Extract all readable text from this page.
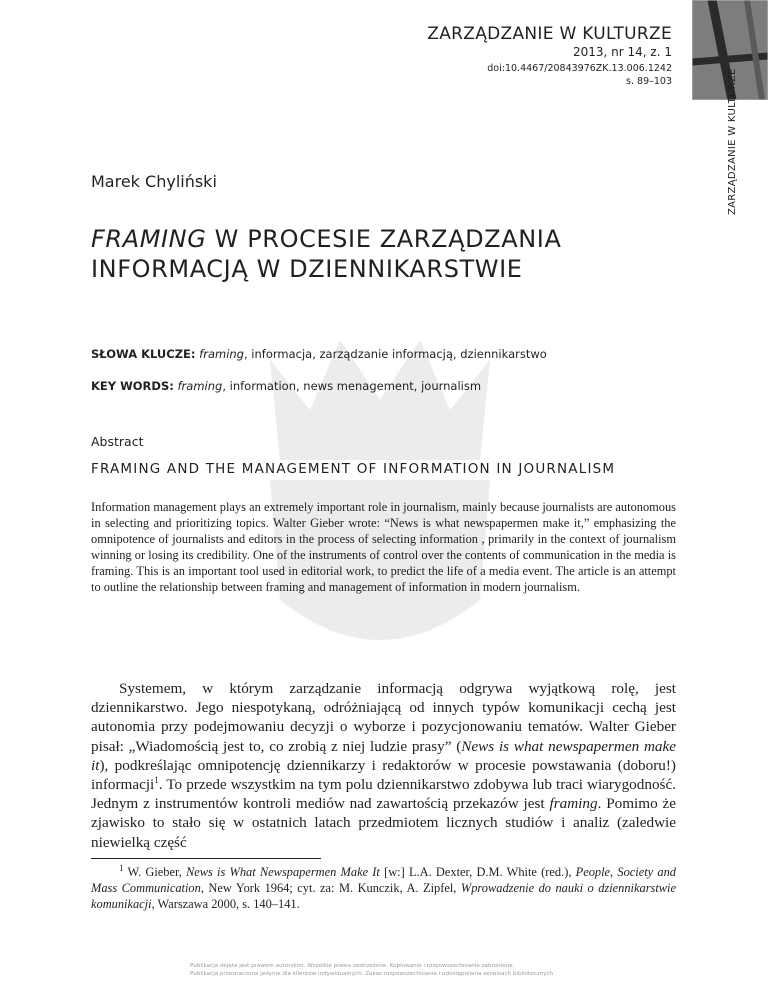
ZARZĄDZANIE W KULTURZE
ZARZĄDZANIE W KULTURZE
2013, nr 14, z. 1
doi:10.4467/20843976ZK.13.006.1242
s. 89–103
Marek Chyliński
FRAMING W PROCESIE ZARZĄDZANIA
INFORMACJĄ W DZIENNIKARSTWIE
SŁOWA KLUCZE: framing, informacja, zarządzanie informacją, dziennikarstwo
KEY WORDS: framing, information, news menagement, journalism
Abstract
FRAMING AND THE MANAGEMENT OF INFORMATION IN JOURNALISM
Information management plays an extremely important role in journalism, mainly because journalists are autonomous in selecting and prioritizing topics. Walter Gieber wrote: “News is what newspapermen make it,” emphasizing the omnipotence of journalists and editors in the process of selecting information , primarily in the context of journalism winning or losing its credibility. One of the instruments of control over the contents of communication in the media is framing. This is an important tool used in editorial work, to predict the life of a media event. The article is an attempt to outline the relationship between framing and management of information in modern journalism.
Systemem, w którym zarządzanie informacją odgrywa wyjątkową rolę, jest dziennikarstwo. Jego niespotykaną, odróżniającą od innych typów komunikacji cechą jest autonomia przy podejmowaniu decyzji o wyborze i pozycjonowaniu tematów. Walter Gieber pisał: „Wiadomością jest to, co zrobią z niej ludzie prasy” (News is what newspapermen make it), podkreślając omnipotencję dziennikarzy i redaktorów w procesie powstawania (doboru!) informacji$^1$. To przede wszystkim na tym polu dziennikarstwo zdobywa lub traci wiarygodność. Jednym z instrumentów kontroli mediów nad zawartością przekazów jest framing. Pomimo że zjawisko to stało się w ostatnich latach przedmiotem licznych studiów i analiz (zaledwie niewielką część
$^1$ W. Gieber, News is What Newspapermen Make It [w:] L.A. Dexter, D.M. White (red.), People, Society and Mass Communication, New York 1964; cyt. za: M. Kunczik, A. Zipfel, Wprowadzenie do nauki o dziennikarstwie komunikacji, Warszawa 2000, s. 140–141.
Publikacja objęta jest prawem autorskim. Wszelkie prawa zastrzeżone. Kopiowanie i rozpowszechnianie zabronione.
Publikacja przeznaczona jedynie dla klientów indywidualnych. Zakaz rozpowszechniania i udostępniania serwisach bibliotecznych
